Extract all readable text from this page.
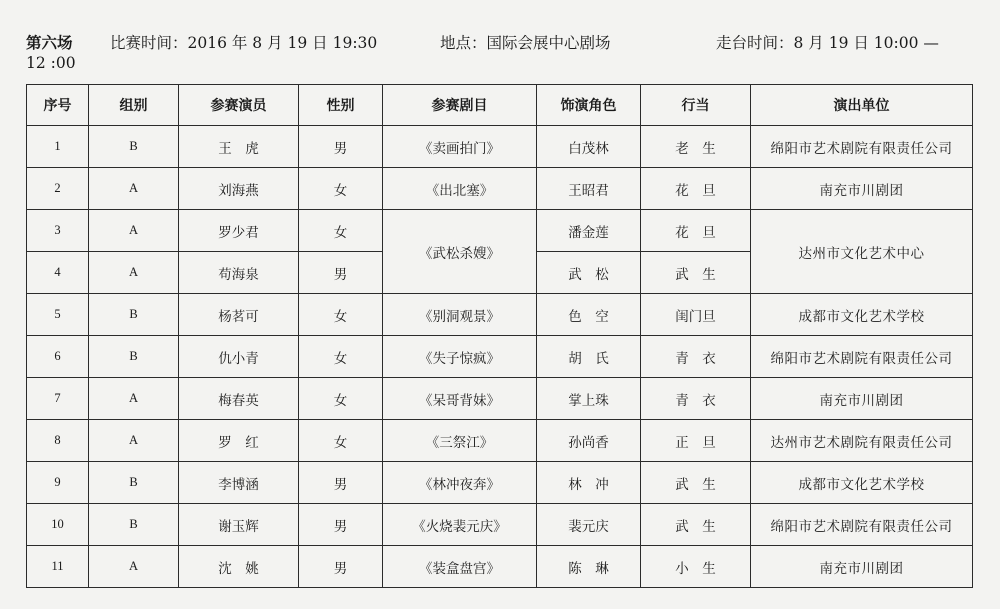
第六场 比赛时间：2016 年 8 月 19 日 19:30	地点：国际会展中心剧场	走台时间：8 月 19 日 10:00 —
12 :00
序号	组别	参赛演员	性别	参赛剧目	饰演角色	行当	演出单位
1	B	王　虎	男	《卖画拍门》	白茂林	老　生	绵阳市艺术剧院有限责任公司
2	A	刘海燕	女	《出北塞》	王昭君	花　旦	南充市川剧团
3	A	罗少君	女	《武松杀嫂》	潘金莲	花　旦	达州市文化艺术中心
4	A	苟海泉	男		武　松	武　生	
5	B	杨茗可	女	《别洞观景》	色　空	闺门旦	成都市文化艺术学校
6	B	仇小青	女	《失子惊疯》	胡　氏	青　衣	绵阳市艺术剧院有限责任公司
7	A	梅春英	女	《呆哥背妹》	掌上珠	青　衣	南充市川剧团
8	A	罗　红	女	《三祭江》	孙尚香	正　旦	达州市艺术剧院有限责任公司
9	B	李博涵	男	《林冲夜奔》	林　冲	武　生	成都市文化艺术学校
10	B	谢玉辉	男	《火烧裴元庆》	裴元庆	武　生	绵阳市艺术剧院有限责任公司
11	A	沈　姚	男	《装盒盘宫》	陈　琳	小　生	南充市川剧团
